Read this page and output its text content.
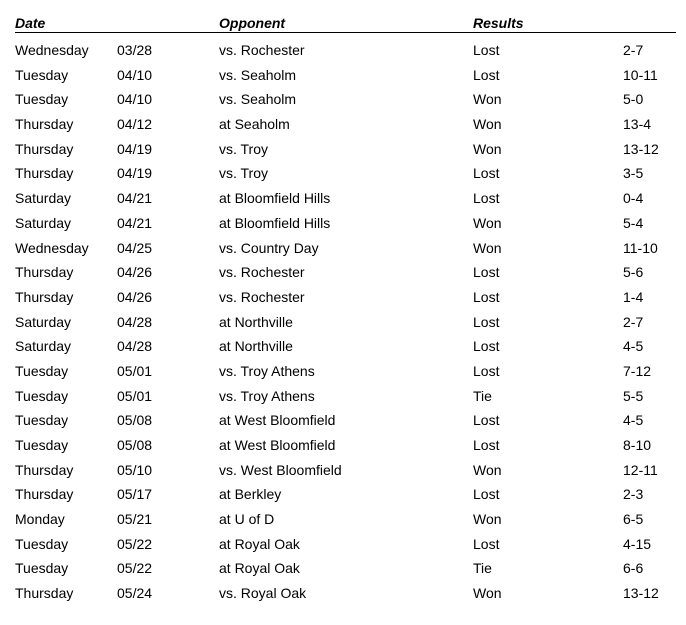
Date	Opponent	Results
Wednesday 03/28	vs. Rochester	Lost	2-7
Tuesday	04/10	vs. Seaholm	Lost	10-11
Tuesday	04/10	vs. Seaholm	Won	5-0
Thursday	04/12	at Seaholm	Won	13-4
Thursday	04/19	vs. Troy	Won	13-12
Thursday	04/19	vs. Troy	Lost	3-5
Saturday	04/21	at Bloomfield Hills	Lost	0-4
Saturday	04/21	at Bloomfield Hills	Won	5-4
Wednesday 04/25	vs. Country Day	Won	11-10
Thursday	04/26	vs. Rochester	Lost	5-6
Thursday	04/26	vs. Rochester	Lost	1-4
Saturday	04/28	at Northville	Lost	2-7
Saturday	04/28	at Northville	Lost	4-5
Tuesday	05/01	vs. Troy Athens	Lost	7-12
Tuesday	05/01	vs. Troy Athens	Tie	5-5
Tuesday	05/08	at West Bloomfield	Lost	4-5
Tuesday	05/08	at West Bloomfield	Lost	8-10
Thursday	05/10	vs. West Bloomfield	Won	12-11
Thursday	05/17	at Berkley	Lost	2-3
Monday	05/21	at U of D	Won	6-5
Tuesday	05/22	at Royal Oak	Lost	4-15
Tuesday	05/22	at Royal Oak	Tie	6-6
Thursday	05/24	vs. Royal Oak	Won	13-12
